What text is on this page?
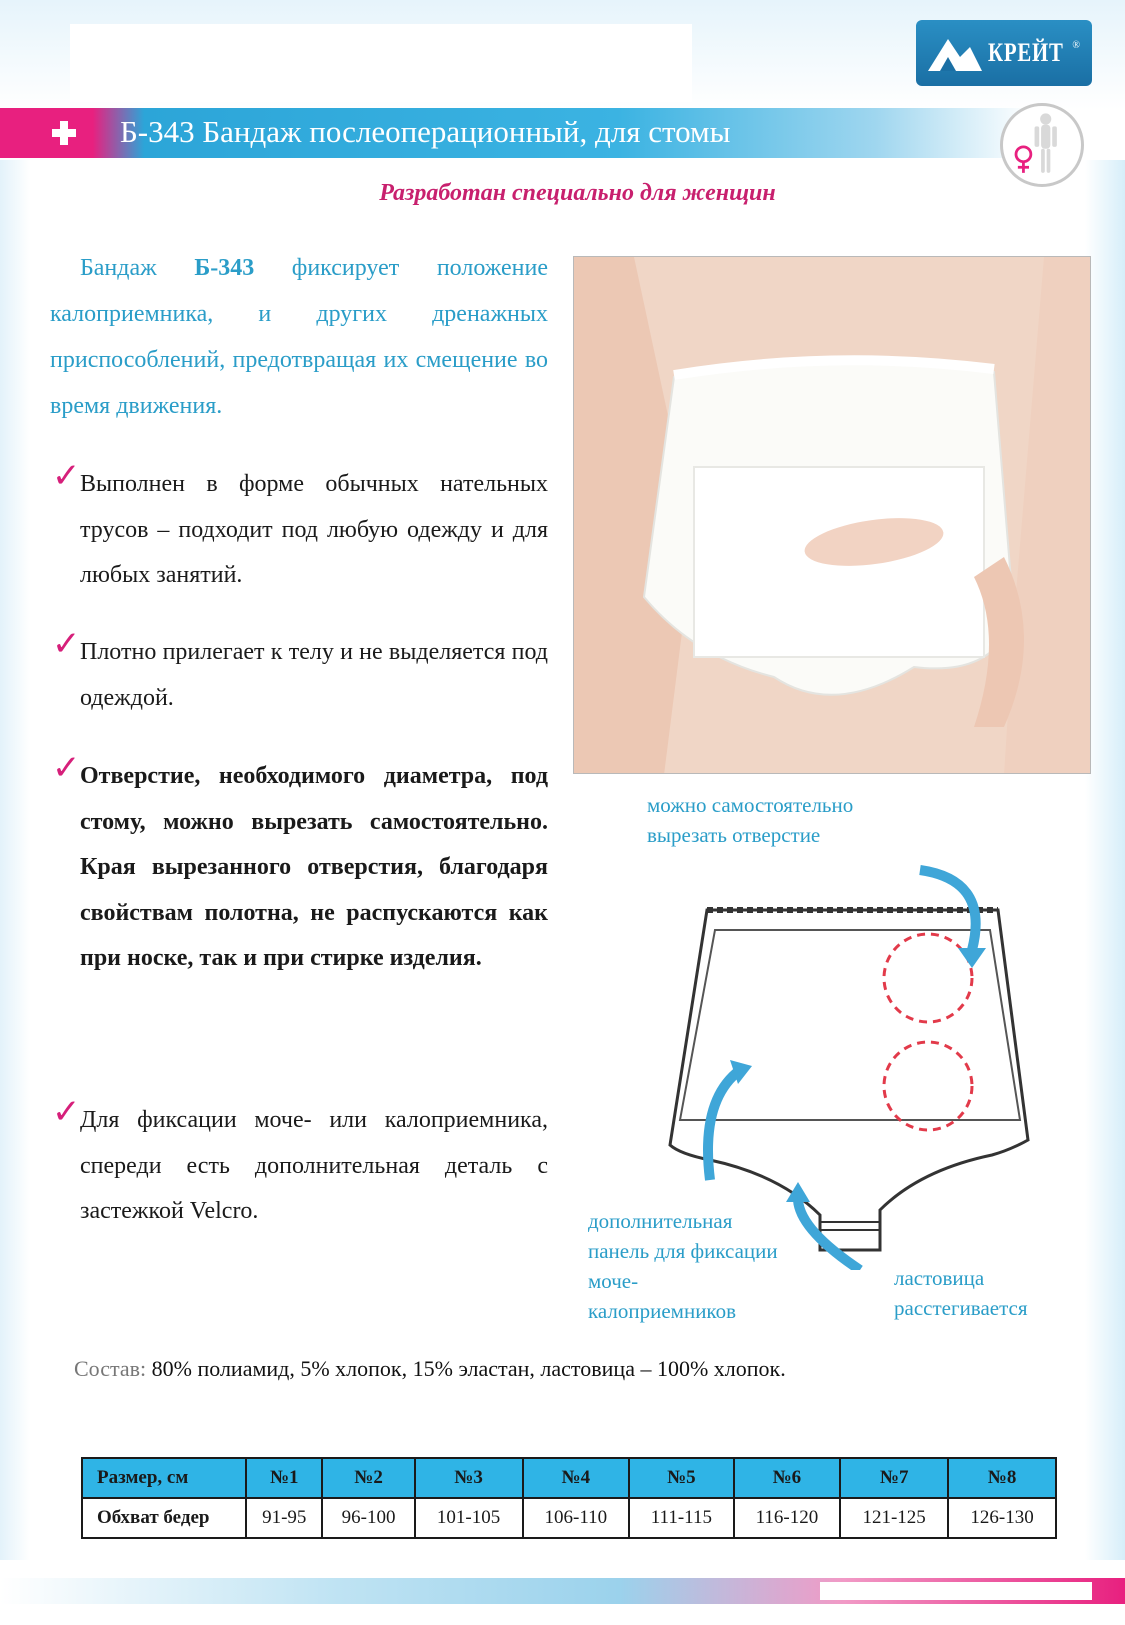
КРЕЙТ ®
Б-343 Бандаж послеоперационный, для стомы
Разработан специально для женщин

Бандаж Б-343 фиксирует положение калоприемника, и других дренажных приспособлений, предотвращая их смещение во время движения.

✓ Выполнен в форме обычных нательных трусов – подходит под любую одежду и для любых занятий.
✓ Плотно прилегает к телу и не выделяется под одеждой.
✓ Отверстие, необходимого диаметра, под стому, можно вырезать самостоятельно. Края вырезанного отверстия, благодаря свойствам полотна, не распускаются как при носке, так и при стирке изделия.
✓ Для фиксации моче- или калоприемника, спереди есть дополнительная деталь с застежкой Velcro.
можно самостоятельно вырезать отверстие
дополнительная панель для фиксации моче-калоприемников
ластовица расстегивается

Состав: 80% полиамид, 5% хлопок, 15% эластан, ластовица – 100% хлопок.

Размер, см	№1	№2	№3	№4	№5	№6	№7	№8
Обхват бедер	91-95	96-100	101-105	106-110	111-115	116-120	121-125	126-130
